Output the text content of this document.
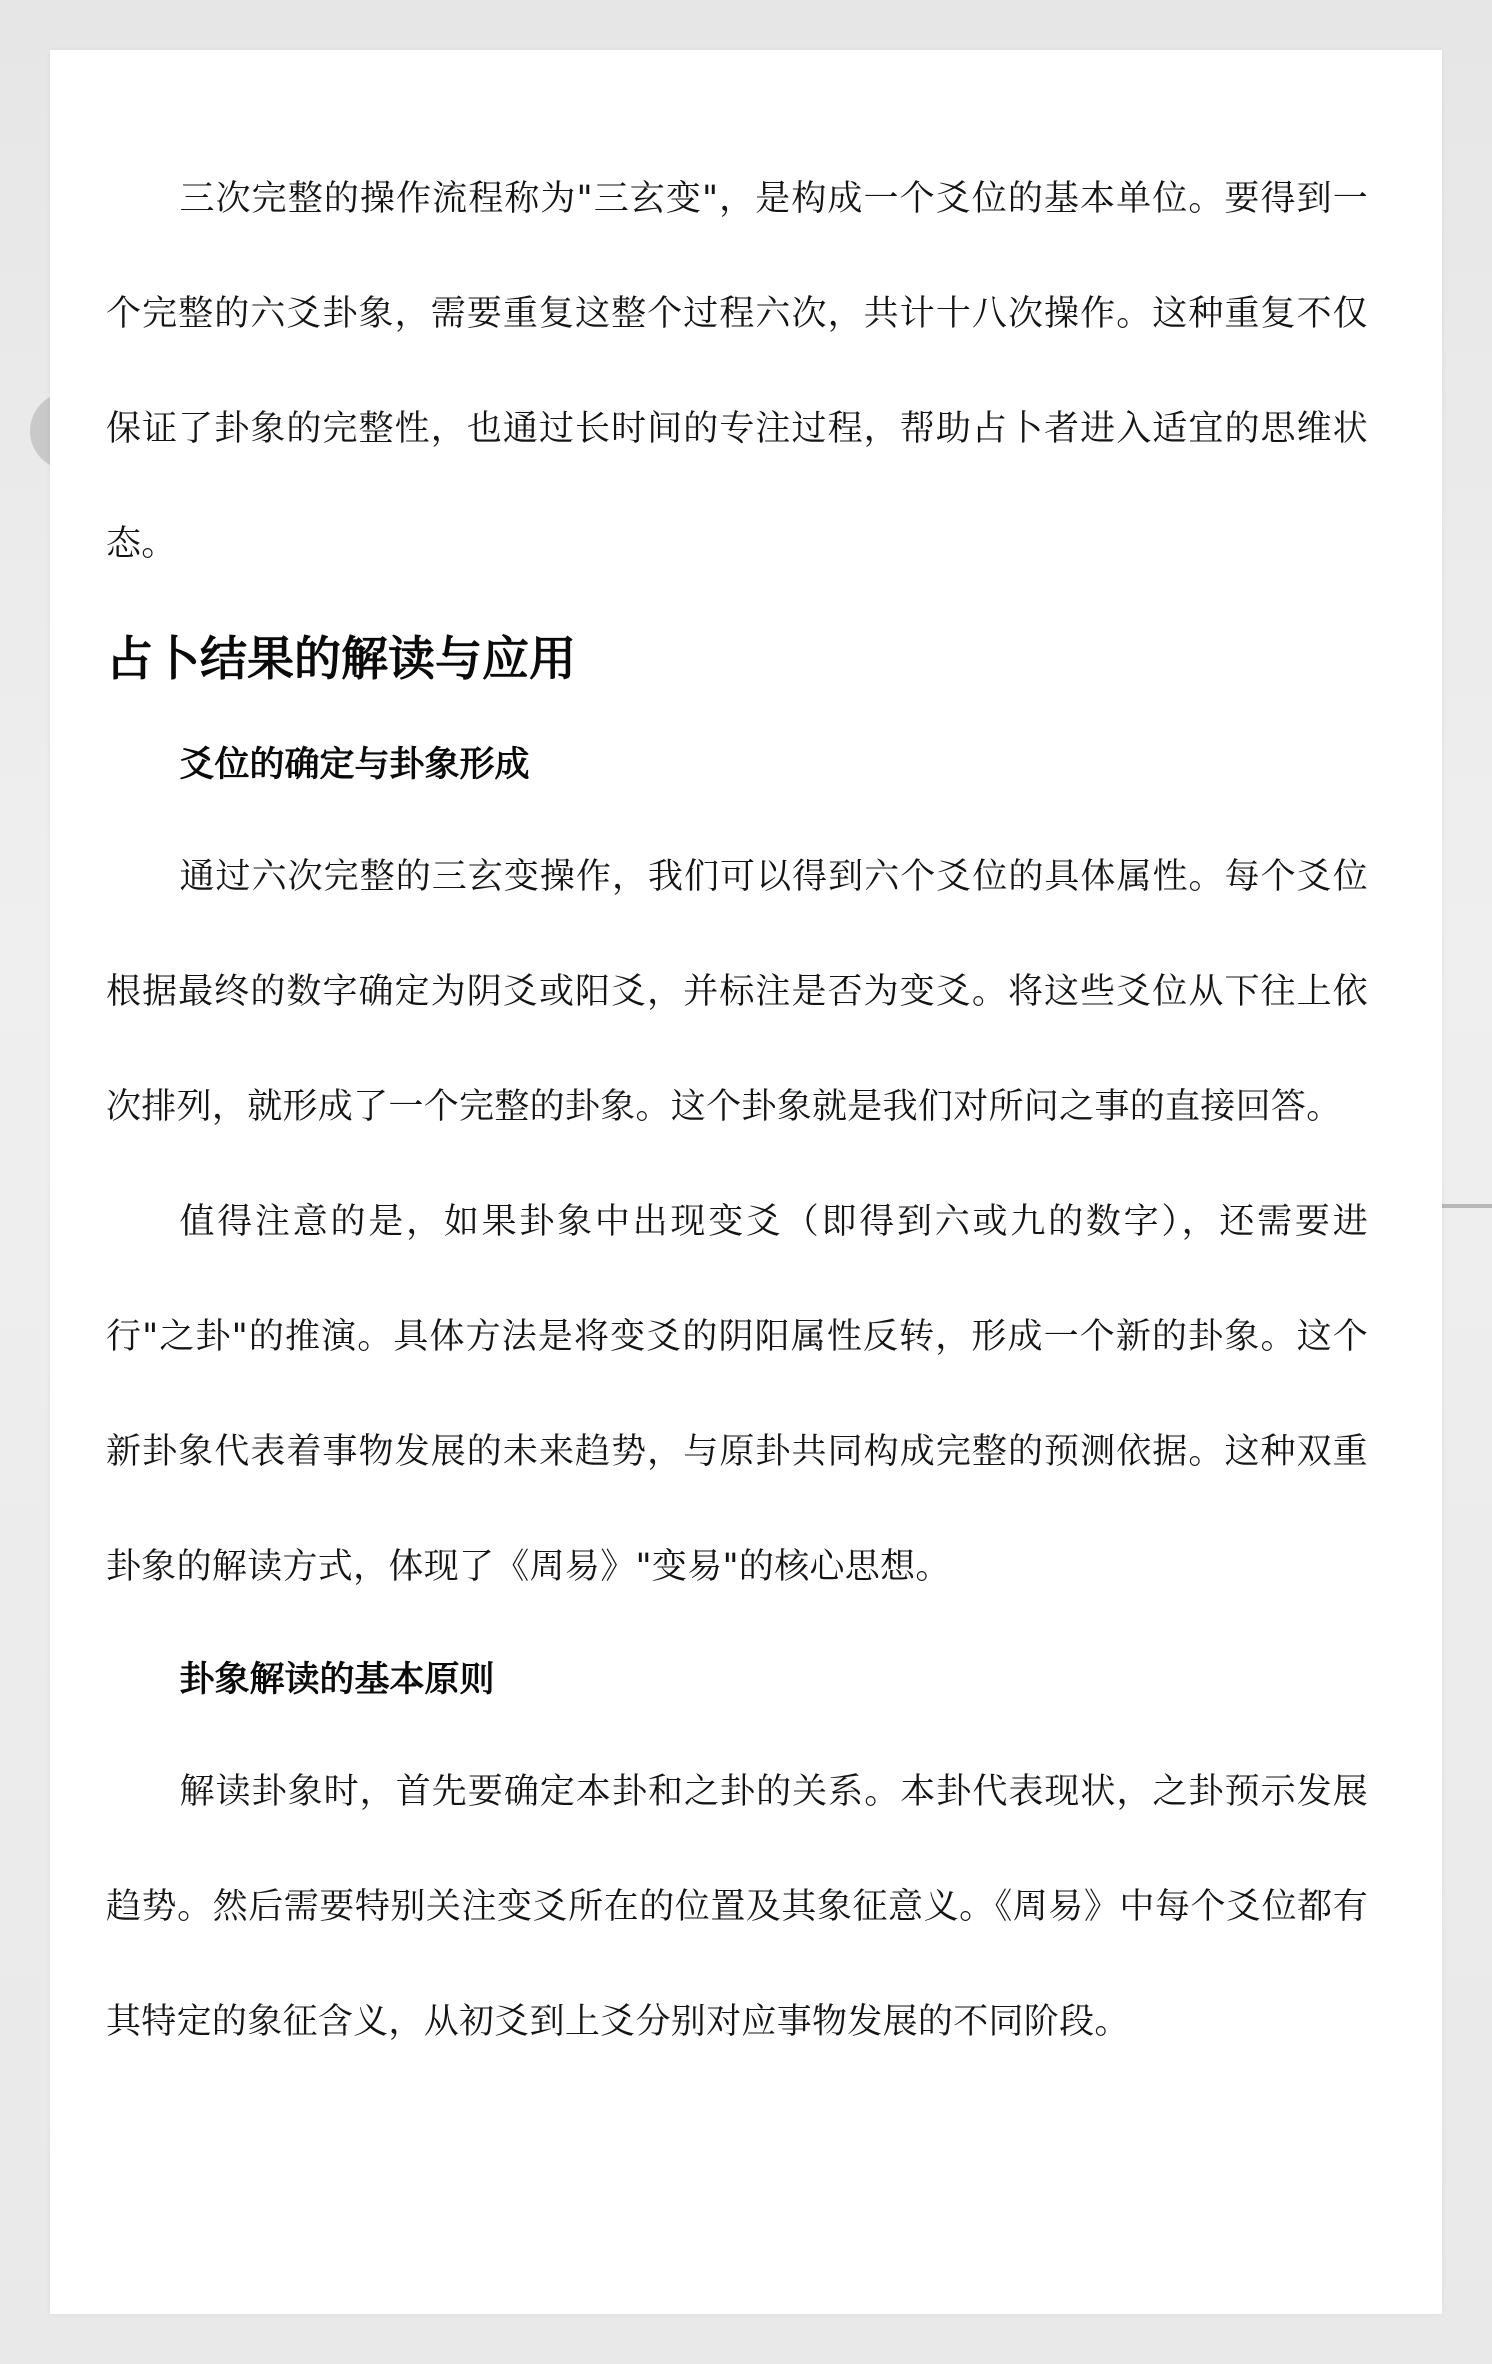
三次完整的操作流程称为"三玄变"，是构成一个爻位的基本单位。要得到一个完整的六爻卦象，需要重复这整个过程六次，共计十八次操作。这种重复不仅保证了卦象的完整性，也通过长时间的专注过程，帮助占卜者进入适宜的思维状态。

占卜结果的解读与应用
爻位的确定与卦象形成

通过六次完整的三玄变操作，我们可以得到六个爻位的具体属性。每个爻位根据最终的数字确定为阴爻或阳爻，并标注是否为变爻。将这些爻位从下往上依次排列，就形成了一个完整的卦象。这个卦象就是我们对所问之事的直接回答。

值得注意的是，如果卦象中出现变爻（即得到六或九的数字），还需要进行"之卦"的推演。具体方法是将变爻的阴阳属性反转，形成一个新的卦象。这个新卦象代表着事物发展的未来趋势，与原卦共同构成完整的预测依据。这种双重卦象的解读方式，体现了《周易》"变易"的核心思想。

卦象解读的基本原则

解读卦象时，首先要确定本卦和之卦的关系。本卦代表现状，之卦预示发展趋势。然后需要特别关注变爻所在的位置及其象征意义。《周易》中每个爻位都有其特定的象征含义，从初爻到上爻分别对应事物发展的不同阶段。
